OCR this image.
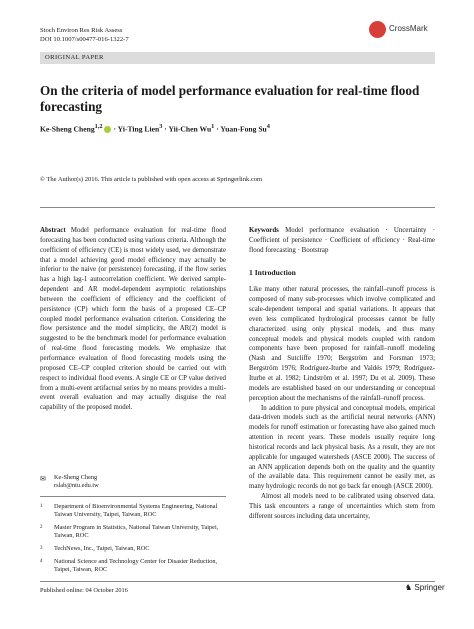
Stoch Environ Res Risk Assess
DOI 10.1007/s00477-016-1322-7
CrossMark
ORIGINAL PAPER
On the criteria of model performance evaluation for real-time flood forecasting
Ke-Sheng Cheng$^{1,2}$ · Yi-Ting Lien$^3$ · Yii-Chen $Wu^1$ · Yuan-Fong Su$^4$
© The Author(s) 2016. This article is published with open access at Springerlink.com
Abstract Model performance evaluation for real-time flood forecasting has been conducted using various criteria. Although the coefficient of efficiency (CE) is most widely used, we demonstrate that a model achieving good model efficiency may actually be inferior to the naive (or persistence) forecasting, if the flow series has a high lag-1 autocorrelation coefficient. We derived sample-dependent and AR model-dependent asymptotic relationships between the coefficient of efficiency and the coefficient of persistence (CP) which form the basis of a proposed CE–CP coupled model performance evaluation criterion. Considering the flow persistence and the model simplicity, the AR(2) model is suggested to be the benchmark model for performance evaluation of real-time flood forecasting models. We emphasize that performance evaluation of flood forecasting models using the proposed CE–CP coupled criterion should be carried out with respect to individual flood events. A single CE or CP value derived from a multi-event artifactual series by no means provides a multi-event overall evaluation and may actually disguise the real capability of the proposed model.
Keywords Model performance evaluation · Uncertainty · Coefficient of persistence · Coefficient of efficiency · Real-time flood forecasting · Bootstrap
1 Introduction
Like many other natural processes, the rainfall–runoff process is composed of many sub-processes which involve complicated and scale-dependent temporal and spatial variations. It appears that even less complicated hydrological processes cannot be fully characterized using only physical models, and thus many conceptual models and physical models coupled with random components have been proposed for rainfall–runoff modeling (Nash and Sutcliffe 1970; Bergström and Forsman 1973; Bergström 1976; Rodríguez-Iturbe and Valdés 1979; Rodríguez-Iturbe et al. 1982; Lindström et al. 1997; Du et al. 2009). These models are established based on our understanding or conceptual perception about the mechanisms of the rainfall–runoff process.
In addition to pure physical and conceptual models, empirical data-driven models such as the artificial neural networks (ANN) models for runoff estimation or forecasting have also gained much attention in recent years. These models usually require long historical records and lack physical basis. As a result, they are not applicable for ungauged watersheds (ASCE 2000). The success of an ANN application depends both on the quality and the quantity of the available data. This requirement cannot be easily met, as many hydrologic records do not go back far enough (ASCE 2000).
Almost all models need to be calibrated using observed data. This task encounters a range of uncertainties which stem from different sources including data uncertainty,
✉ Ke-Sheng Cheng
rslab@ntu.edu.tw
1 Department of Bioenvironmental Systems Engineering, National Taiwan University, Taipei, Taiwan, ROC
2 Master Program in Statistics, National Taiwan University, Taipei, Taiwan, ROC
3 TechNews, Inc., Taipei, Taiwan, ROC
4 National Science and Technology Center for Disaster Reduction, Taipei, Taiwan, ROC
Published online: 04 October 2016	♞ Springer
